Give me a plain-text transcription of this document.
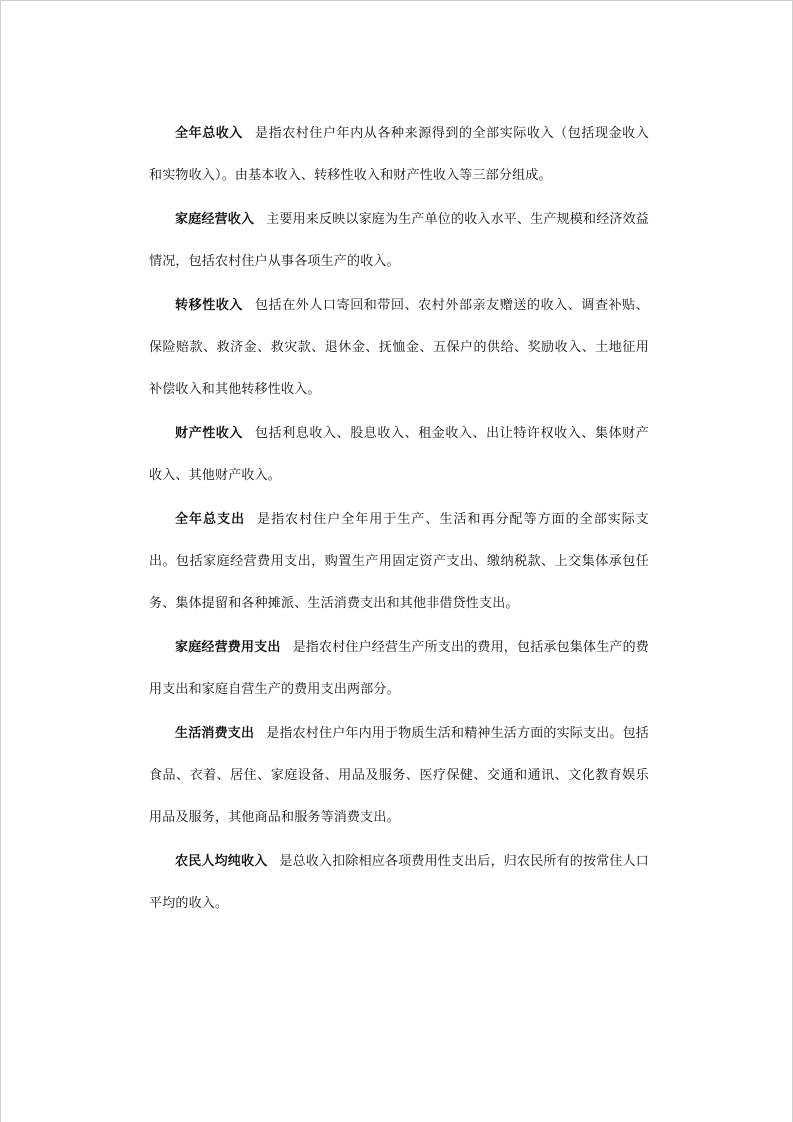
全年总收入 是指农村住户年内从各种来源得到的全部实际收入（包括现金收入和实物收入）。由基本收入、转移性收入和财产性收入等三部分组成。

家庭经营收入 主要用来反映以家庭为生产单位的收入水平、生产规模和经济效益情况，包括农村住户从事各项生产的收入。

转移性收入 包括在外人口寄回和带回、农村外部亲友赠送的收入、调查补贴、保险赔款、救济金、救灾款、退休金、抚恤金、五保户的供给、奖励收入、土地征用补偿收入和其他转移性收入。

财产性收入 包括利息收入、股息收入、租金收入、出让特许权收入、集体财产收入、其他财产收入。

全年总支出 是指农村住户全年用于生产、生活和再分配等方面的全部实际支出。包括家庭经营费用支出，购置生产用固定资产支出、缴纳税款、上交集体承包任务、集体提留和各种摊派、生活消费支出和其他非借贷性支出。

家庭经营费用支出 是指农村住户经营生产所支出的费用，包括承包集体生产的费用支出和家庭自营生产的费用支出两部分。

生活消费支出 是指农村住户年内用于物质生活和精神生活方面的实际支出。包括食品、衣着、居住、家庭设备、用品及服务、医疗保健、交通和通讯、文化教育娱乐用品及服务，其他商品和服务等消费支出。

农民人均纯收入 是总收入扣除相应各项费用性支出后，归农民所有的按常住人口平均的收入。
